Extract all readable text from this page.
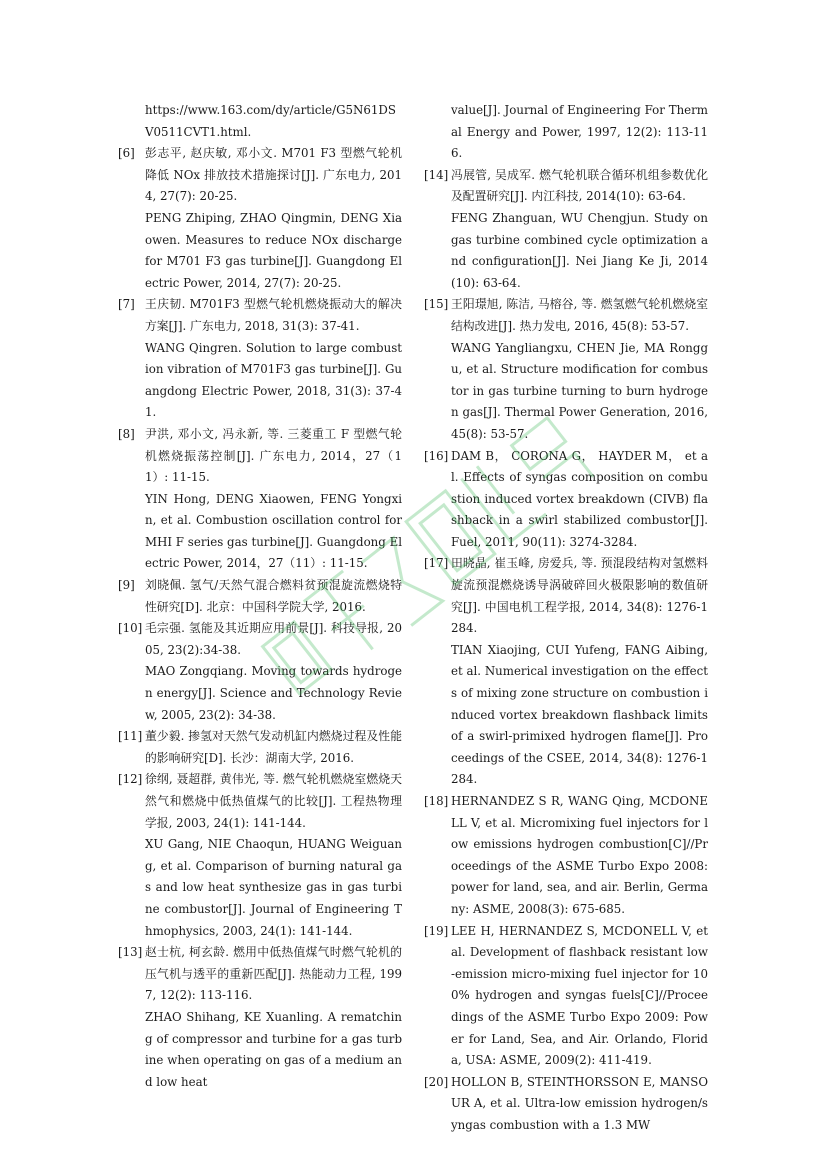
https://www.163.com/dy/article/G5N61DSV0511CVT1.html.
[6] 彭志平, 赵庆敏, 邓小文. M701 F3 型燃气轮机降低 NOx 排放技术措施探讨[J]. 广东电力, 2014, 27(7): 20-25.
PENG Zhiping, ZHAO Qingmin, DENG Xiaowen. Measures to reduce NOx discharge for M701 F3 gas turbine[J]. Guangdong Electric Power, 2014, 27(7): 20-25.
[7] 王庆韧. M701F3 型燃气轮机燃烧振动大的解决方案[J]. 广东电力, 2018, 31(3): 37-41.
WANG Qingren. Solution to large combustion vibration of M701F3 gas turbine[J]. Guangdong Electric Power, 2018, 31(3): 37-41.
[8] 尹洪, 邓小文, 冯永新, 等. 三菱重工 F 型燃气轮机燃烧振荡控制[J]. 广东电力, 2014，27（11）: 11-15.
YIN Hong, DENG Xiaowen, FENG Yongxin, et al. Combustion oscillation control for MHI F series gas turbine[J]. Guangdong Electric Power, 2014，27（11）: 11-15.
[9] 刘晓佩. 氢气/天然气混合燃料贫预混旋流燃烧特性研究[D]. 北京：中国科学院大学, 2016.
[10] 毛宗强. 氢能及其近期应用前景[J]. 科技导报, 2005, 23(2):34-38.
MAO Zongqiang. Moving towards hydrogen energy[J]. Science and Technology Review, 2005, 23(2): 34-38.
[11] 董少毅. 掺氢对天然气发动机缸内燃烧过程及性能的影响研究[D]. 长沙：湖南大学, 2016.
[12] 徐纲, 聂超群, 黄伟光, 等. 燃气轮机燃烧室燃烧天然气和燃烧中低热值煤气的比较[J]. 工程热物理学报, 2003, 24(1): 141-144.
XU Gang, NIE Chaoqun, HUANG Weiguang, et al. Comparison of burning natural gas and low heat synthesize gas in gas turbine combustor[J]. Journal of Engineering Thmophysics, 2003, 24(1): 141-144.
[13] 赵士杭, 柯玄龄. 燃用中低热值煤气时燃气轮机的压气机与透平的重新匹配[J]. 热能动力工程, 1997, 12(2): 113-116.
ZHAO Shihang, KE Xuanling. A rematching of compressor and turbine for a gas turbine when operating on gas of a medium and low heat
value[J]. Journal of Engineering For Thermal Energy and Power, 1997, 12(2): 113-116.
[14] 冯展管, 吴成军. 燃气轮机联合循环机组参数优化及配置研究[J]. 内江科技, 2014(10): 63-64.
FENG Zhanguan, WU Chengjun. Study on gas turbine combined cycle optimization and configuration[J]. Nei Jiang Ke Ji, 2014(10): 63-64.
[15] 王阳璟旭, 陈洁, 马榕谷, 等. 燃氢燃气轮机燃烧室结构改进[J]. 热力发电, 2016, 45(8): 53-57.
WANG Yangliangxu, CHEN Jie, MA Ronggu, et al. Structure modification for combustor in gas turbine turning to burn hydrogen gas[J]. Thermal Power Generation, 2016, 45(8): 53-57.
[16] DAM B， CORONA G， HAYDER M， et al. Effects of syngas composition on combustion induced vortex breakdown (CIVB) flashback in a swirl stabilized combustor[J]. Fuel, 2011, 90(11): 3274-3284.
[17] 田晓晶, 崔玉峰, 房爱兵, 等. 预混段结构对氢燃料旋流预混燃烧诱导涡破碎回火极限影响的数值研究[J]. 中国电机工程学报, 2014, 34(8): 1276-1284.
TIAN Xiaojing, CUI Yufeng, FANG Aibing, et al. Numerical investigation on the effects of mixing zone structure on combustion induced vortex breakdown flashback limits of a swirl-primixed hydrogen flame[J]. Proceedings of the CSEE, 2014, 34(8): 1276-1284.
[18] HERNANDEZ S R, WANG Qing, MCDONELL V, et al. Micromixing fuel injectors for low emissions hydrogen combustion[C]//Proceedings of the ASME Turbo Expo 2008: power for land, sea, and air. Berlin, Germany: ASME, 2008(3): 675-685.
[19] LEE H, HERNANDEZ S, MCDONELL V, et al. Development of flashback resistant low-emission micro-mixing fuel injector for 100% hydrogen and syngas fuels[C]//Proceedings of the ASME Turbo Expo 2009: Power for Land, Sea, and Air. Orlando, Florida, USA: ASME, 2009(2): 411-419.
[20] HOLLON B, STEINTHORSSON E, MANSOUR A, et al. Ultra-low emission hydrogen/syngas combustion with a 1.3 MW
